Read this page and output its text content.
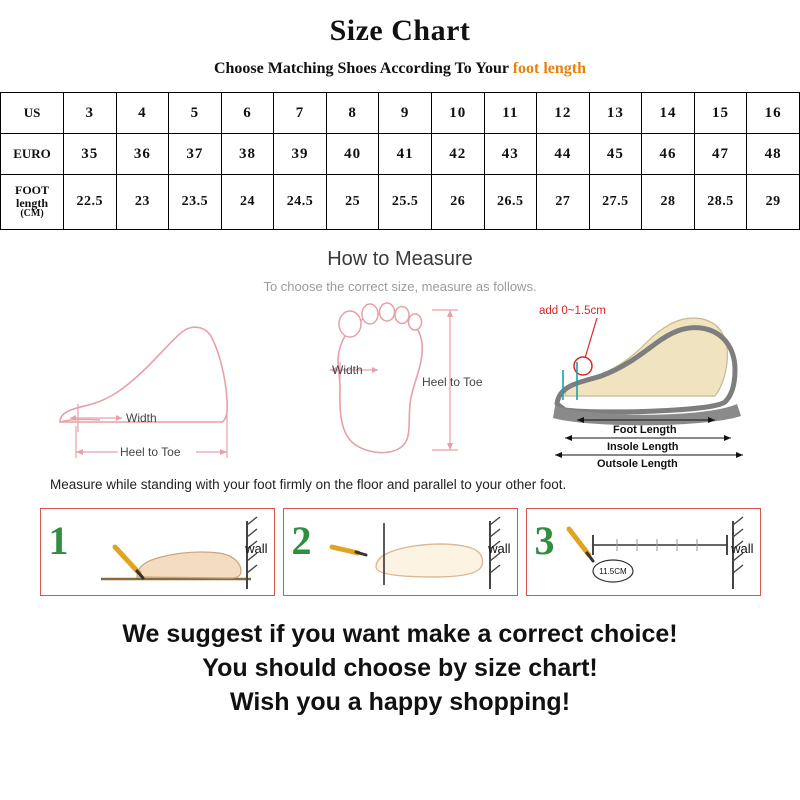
Size Chart
Choose Matching Shoes According To Your foot length
US	3	4	5	6	7	8	9	10	11	12	13	14	15	16
EURO	35	36	37	38	39	40	41	42	43	44	45	46	47	48
FOOT length
(CM)	22.5	23	23.5	24	24.5	25	25.5	26	26.5	27	27.5	28	28.5	29
How to Measure
To choose the correct size, measure as follows.
Width
Heel to Toe
Width
Heel to Toe
add 0~1.5cm
Foot Length
Insole Length
Outsole Length
Measure while standing with your foot firmly on the floor and parallel to your other foot.
1	wall 2	wall
11.5CM
3	wall
We suggest if you want make a correct choice!
You should choose by size chart!
Wish you a happy shopping!
